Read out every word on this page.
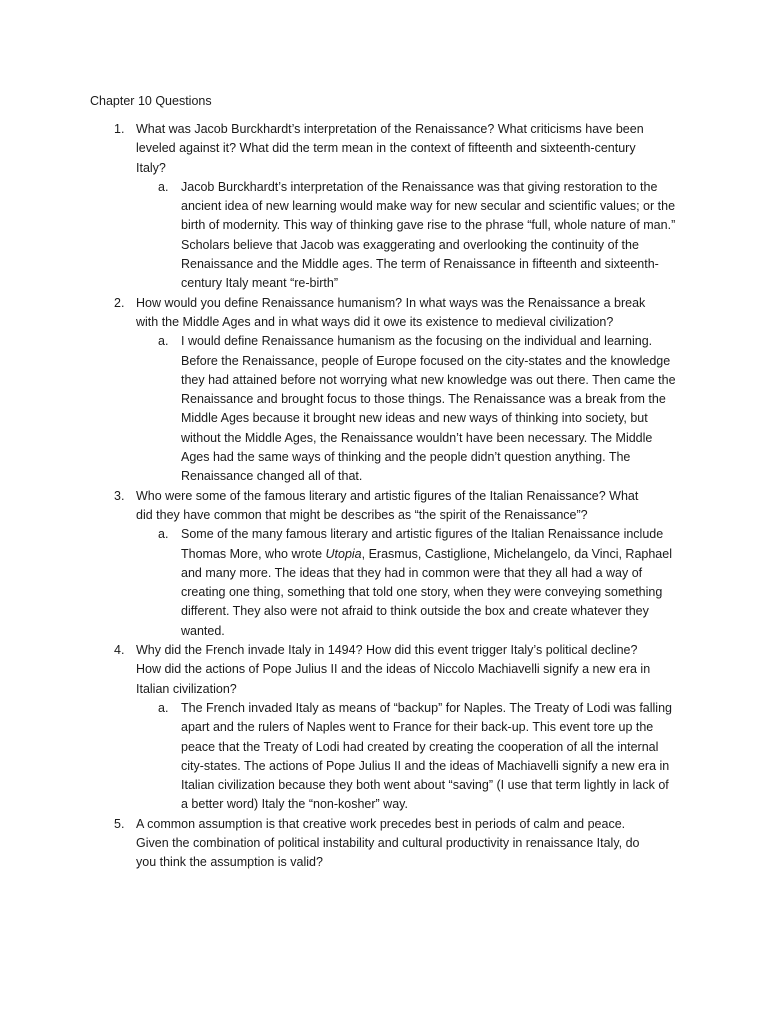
Chapter 10 Questions
1. What was Jacob Burckhardt’s interpretation of the Renaissance? What criticisms have been leveled against it? What did the term mean in the context of fifteenth and sixteenth-century Italy?
a. Jacob Burckhardt’s interpretation of the Renaissance was that giving restoration to the ancient idea of new learning would make way for new secular and scientific values; or the birth of modernity. This way of thinking gave rise to the phrase “full, whole nature of man.” Scholars believe that Jacob was exaggerating and overlooking the continuity of the Renaissance and the Middle ages. The term of Renaissance in fifteenth and sixteenth-century Italy meant “re-birth”
2. How would you define Renaissance humanism? In what ways was the Renaissance a break with the Middle Ages and in what ways did it owe its existence to medieval civilization?
a. I would define Renaissance humanism as the focusing on the individual and learning. Before the Renaissance, people of Europe focused on the city-states and the knowledge they had attained before not worrying what new knowledge was out there. Then came the Renaissance and brought focus to those things. The Renaissance was a break from the Middle Ages because it brought new ideas and new ways of thinking into society, but without the Middle Ages, the Renaissance wouldn’t have been necessary. The Middle Ages had the same ways of thinking and the people didn’t question anything. The Renaissance changed all of that.
3. Who were some of the famous literary and artistic figures of the Italian Renaissance? What did they have common that might be describes as “the spirit of the Renaissance”?
a. Some of the many famous literary and artistic figures of the Italian Renaissance include Thomas More, who wrote Utopia, Erasmus, Castiglione, Michelangelo, da Vinci, Raphael and many more. The ideas that they had in common were that they all had a way of creating one thing, something that told one story, when they were conveying something different. They also were not afraid to think outside the box and create whatever they wanted.
4. Why did the French invade Italy in 1494? How did this event trigger Italy’s political decline? How did the actions of Pope Julius II and the ideas of Niccolo Machiavelli signify a new era in Italian civilization?
a. The French invaded Italy as means of “backup” for Naples. The Treaty of Lodi was falling apart and the rulers of Naples went to France for their back-up. This event tore up the peace that the Treaty of Lodi had created by creating the cooperation of all the internal city-states. The actions of Pope Julius II and the ideas of Machiavelli signify a new era in Italian civilization because they both went about “saving” (I use that term lightly in lack of a better word) Italy the “non-kosher” way.
5. A common assumption is that creative work precedes best in periods of calm and peace. Given the combination of political instability and cultural productivity in renaissance Italy, do you think the assumption is valid?
